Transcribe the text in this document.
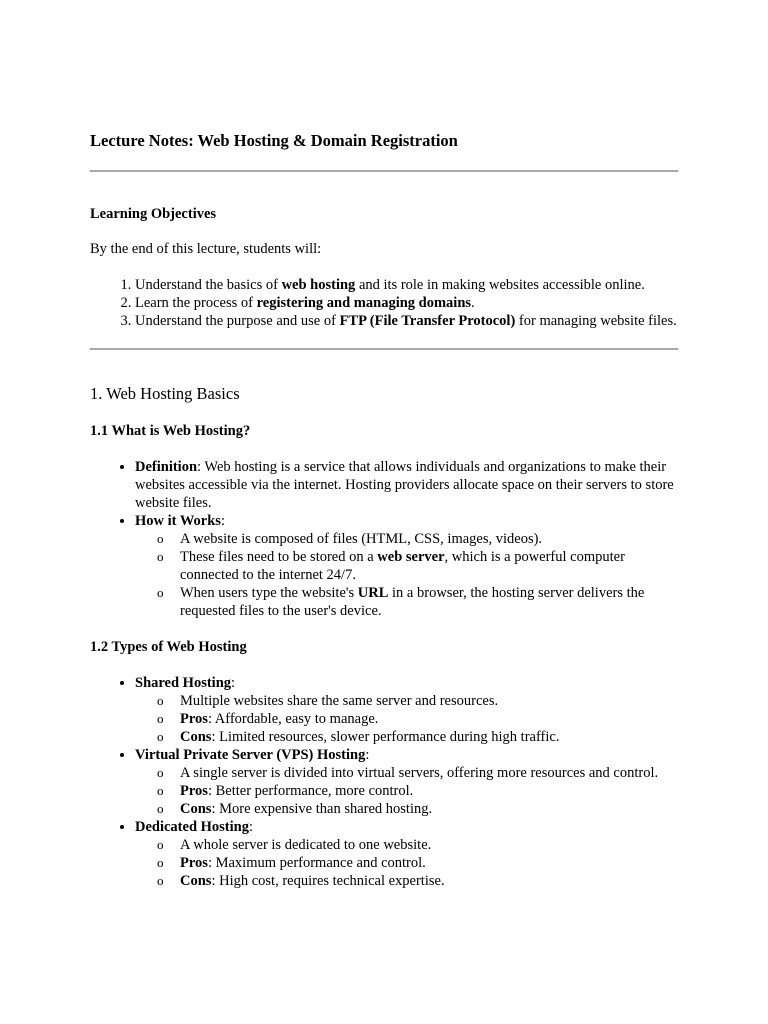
Lecture Notes: Web Hosting & Domain Registration
Learning Objectives

By the end of this lecture, students will:

1. Understand the basics of web hosting and its role in making websites accessible online.
2. Learn the process of registering and managing domains.
3. Understand the purpose and use of FTP (File Transfer Protocol) for managing website files.
1. Web Hosting Basics
1.1 What is Web Hosting?
• Definition: Web hosting is a service that allows individuals and organizations to make their websites accessible via the internet. Hosting providers allocate space on their servers to store website files.
• How it Works:
o A website is composed of files (HTML, CSS, images, videos).
o These files need to be stored on a web server, which is a powerful computer connected to the internet 24/7.
o When users type the website's URL in a browser, the hosting server delivers the requested files to the user's device.
1.2 Types of Web Hosting
• Shared Hosting:
o Multiple websites share the same server and resources.
o Pros: Affordable, easy to manage.
o Cons: Limited resources, slower performance during high traffic.
• Virtual Private Server (VPS) Hosting:
o A single server is divided into virtual servers, offering more resources and control.
o Pros: Better performance, more control.
o Cons: More expensive than shared hosting.
• Dedicated Hosting:
o A whole server is dedicated to one website.
o Pros: Maximum performance and control.
o Cons: High cost, requires technical expertise.
